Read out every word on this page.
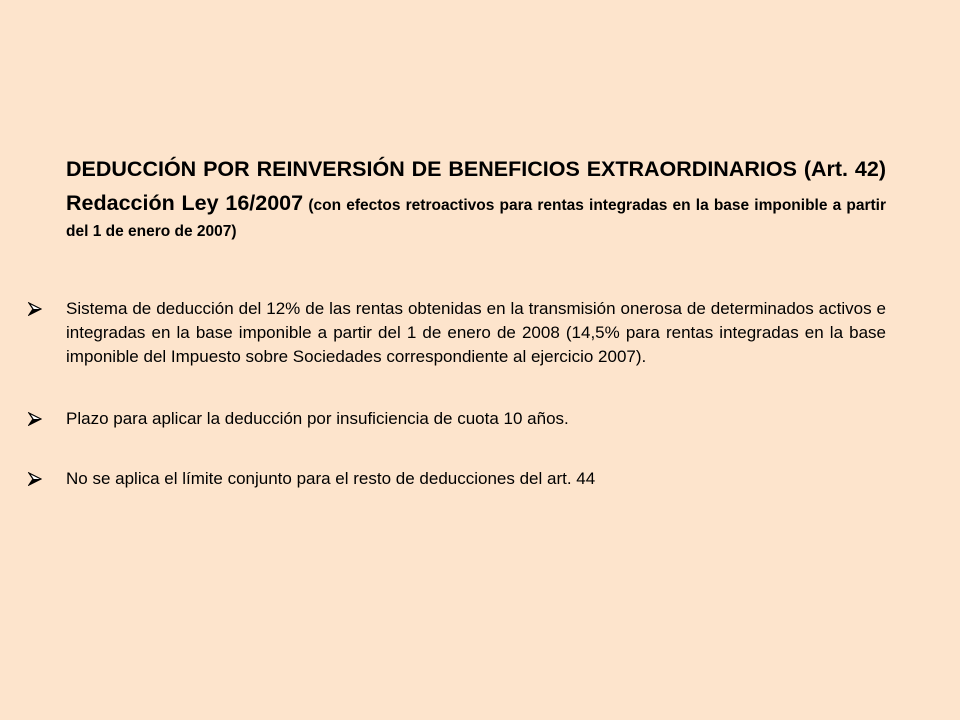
DEDUCCIÓN POR REINVERSIÓN DE BENEFICIOS EXTRAORDINARIOS (Art. 42) Redacción Ley 16/2007 (con efectos retroactivos para rentas integradas en la base imponible a partir del 1 de enero de 2007)
Sistema de deducción del 12% de las rentas obtenidas en la transmisión onerosa de determinados activos e integradas en la base imponible a partir del 1 de enero de 2008 (14,5% para rentas integradas en la base imponible del Impuesto sobre Sociedades correspondiente al ejercicio 2007).
Plazo para aplicar la deducción por insuficiencia de cuota 10 años.
No se aplica el límite conjunto para el resto de deducciones del art. 44
